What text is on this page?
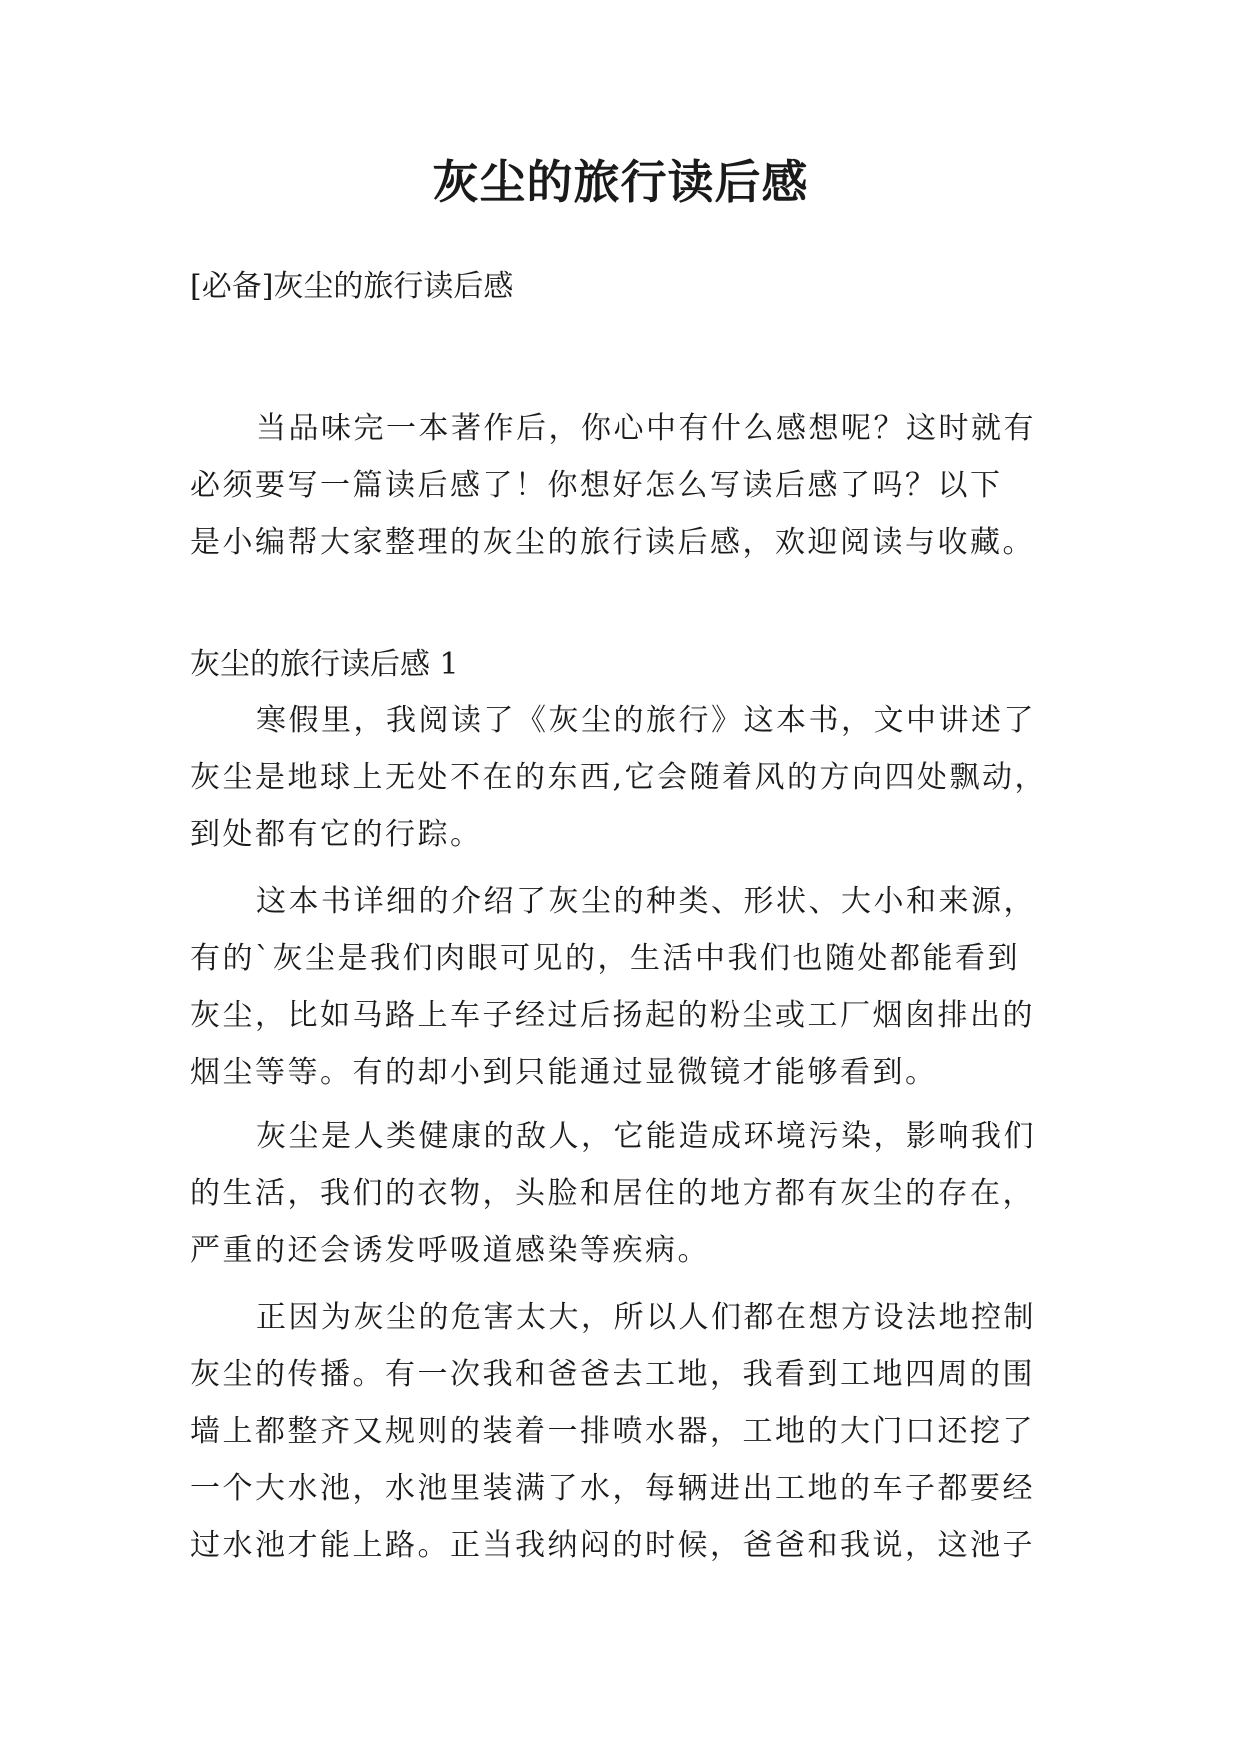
灰尘的旅行读后感

[必备]灰尘的旅行读后感

当品味完一本著作后，你心中有什么感想呢？这时就有
必须要写一篇读后感了！你想好怎么写读后感了吗？以下
是小编帮大家整理的灰尘的旅行读后感，欢迎阅读与收藏。

灰尘的旅行读后感 1

寒假里，我阅读了《灰尘的旅行》这本书，文中讲述了
灰尘是地球上无处不在的东西,它会随着风的方向四处飘动，
到处都有它的行踪。

这本书详细的介绍了灰尘的种类、形状、大小和来源，
有的`灰尘是我们肉眼可见的，生活中我们也随处都能看到
灰尘，比如马路上车子经过后扬起的粉尘或工厂烟囱排出的
烟尘等等。有的却小到只能通过显微镜才能够看到。

灰尘是人类健康的敌人，它能造成环境污染，影响我们
的生活，我们的衣物，头脸和居住的地方都有灰尘的存在，
严重的还会诱发呼吸道感染等疾病。

正因为灰尘的危害太大，所以人们都在想方设法地控制
灰尘的传播。有一次我和爸爸去工地，我看到工地四周的围
墙上都整齐又规则的装着一排喷水器，工地的大门口还挖了
一个大水池，水池里装满了水，每辆进出工地的车子都要经
过水池才能上路。正当我纳闷的时候，爸爸和我说，这池子
